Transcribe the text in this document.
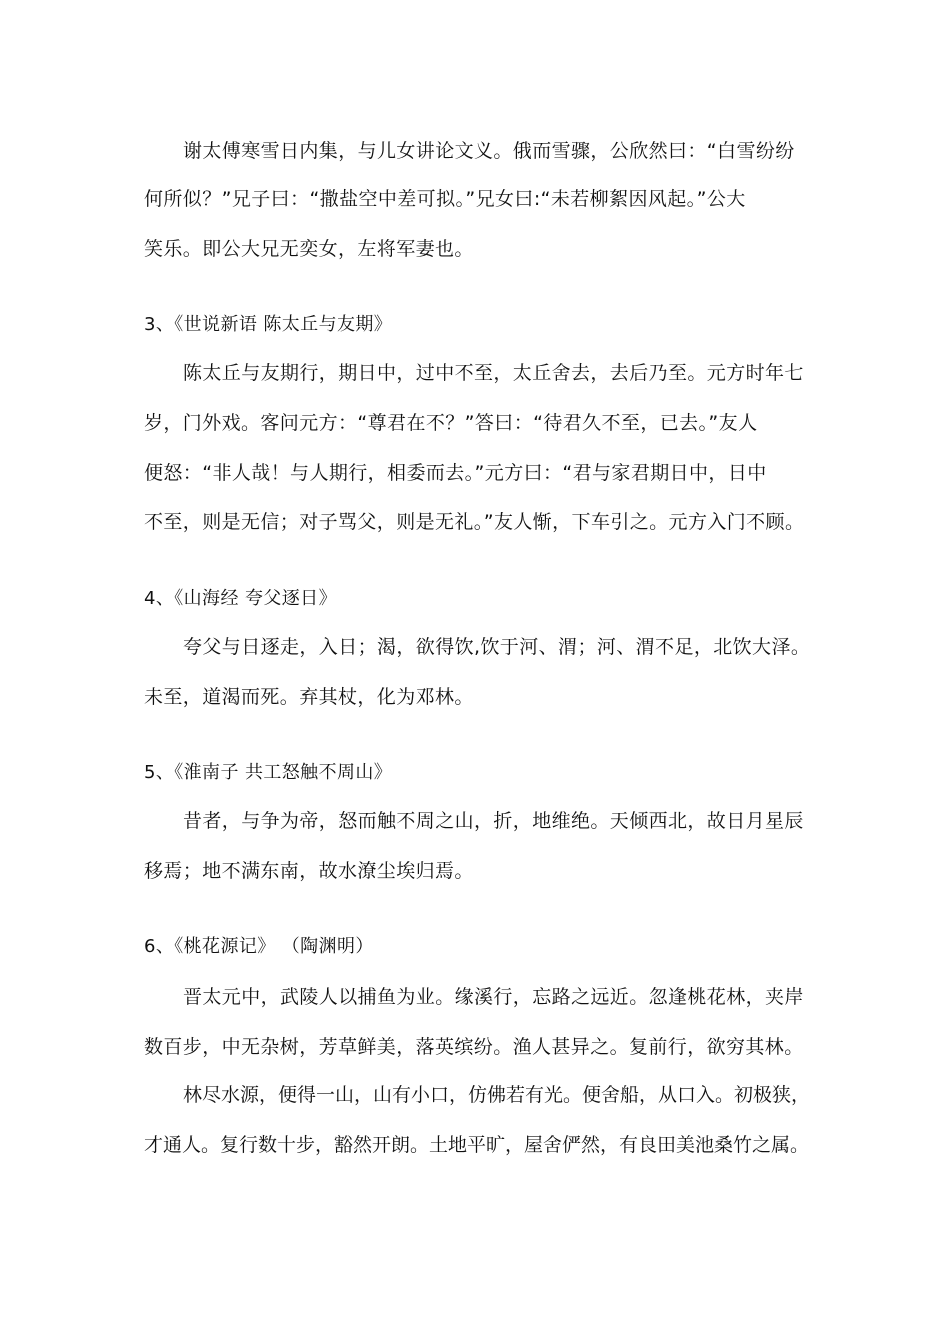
谢太傅寒雪日内集，与儿女讲论文义。俄而雪骤，公欣然曰：“白雪纷纷
何所似？”兄子曰：“撒盐空中差可拟。”兄女曰:“未若柳絮因风起。”公大
笑乐。即公大兄无奕女，左将军妻也。
3、《世说新语 陈太丘与友期》
陈太丘与友期行，期日中，过中不至，太丘舍去，去后乃至。元方时年七
岁，门外戏。客问元方：“尊君在不？”答曰：“待君久不至，已去。”友人
便怒：“非人哉！与人期行，相委而去。”元方曰：“君与家君期日中，日中
不至，则是无信；对子骂父，则是无礼。”友人惭，下车引之。元方入门不顾。
4、《山海经 夸父逐日》
夸父与日逐走，入日；渴，欲得饮,饮于河、渭；河、渭不足，北饮大泽。
未至，道渴而死。弃其杖，化为邓林。
5、《淮南子 共工怒触不周山》
昔者，与争为帝，怒而触不周之山，折，地维绝。天倾西北，故日月星辰
移焉；地不满东南，故水潦尘埃归焉。
6、《桃花源记》 （陶渊明）
晋太元中，武陵人以捕鱼为业。缘溪行，忘路之远近。忽逢桃花林，夹岸
数百步，中无杂树，芳草鲜美，落英缤纷。渔人甚异之。复前行，欲穷其林。
林尽水源，便得一山，山有小口，仿佛若有光。便舍船，从口入。初极狭，
才通人。复行数十步，豁然开朗。土地平旷，屋舍俨然，有良田美池桑竹之属。
